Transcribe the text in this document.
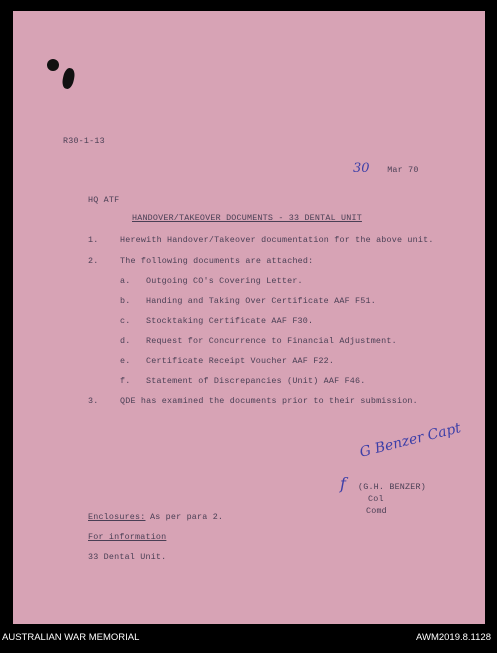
R30-1-13
30 Mar 70
HQ ATF
HANDOVER/TAKEOVER DOCUMENTS - 33 DENTAL UNIT
1.	Herewith Handover/Takeover documentation for the above unit.
2.	The following documents are attached:
a. Outgoing CO's Covering Letter.
b. Handing and Taking Over Certificate AAF F51.
c. Stocktaking Certificate AAF F30.
d. Request for Concurrence to Financial Adjustment.
e. Certificate Receipt Voucher AAF F22.
f. Statement of Discrepancies (Unit) AAF F46.
3.	QDE has examined the documents prior to their submission.
f
G Benzer Capt
(G.H. BENZER)
Col
Comd
Enclosures: As per para 2.
For information
33 Dental Unit.
AUSTRALIAN WAR MEMORIAL	AWM2019.8.1128
